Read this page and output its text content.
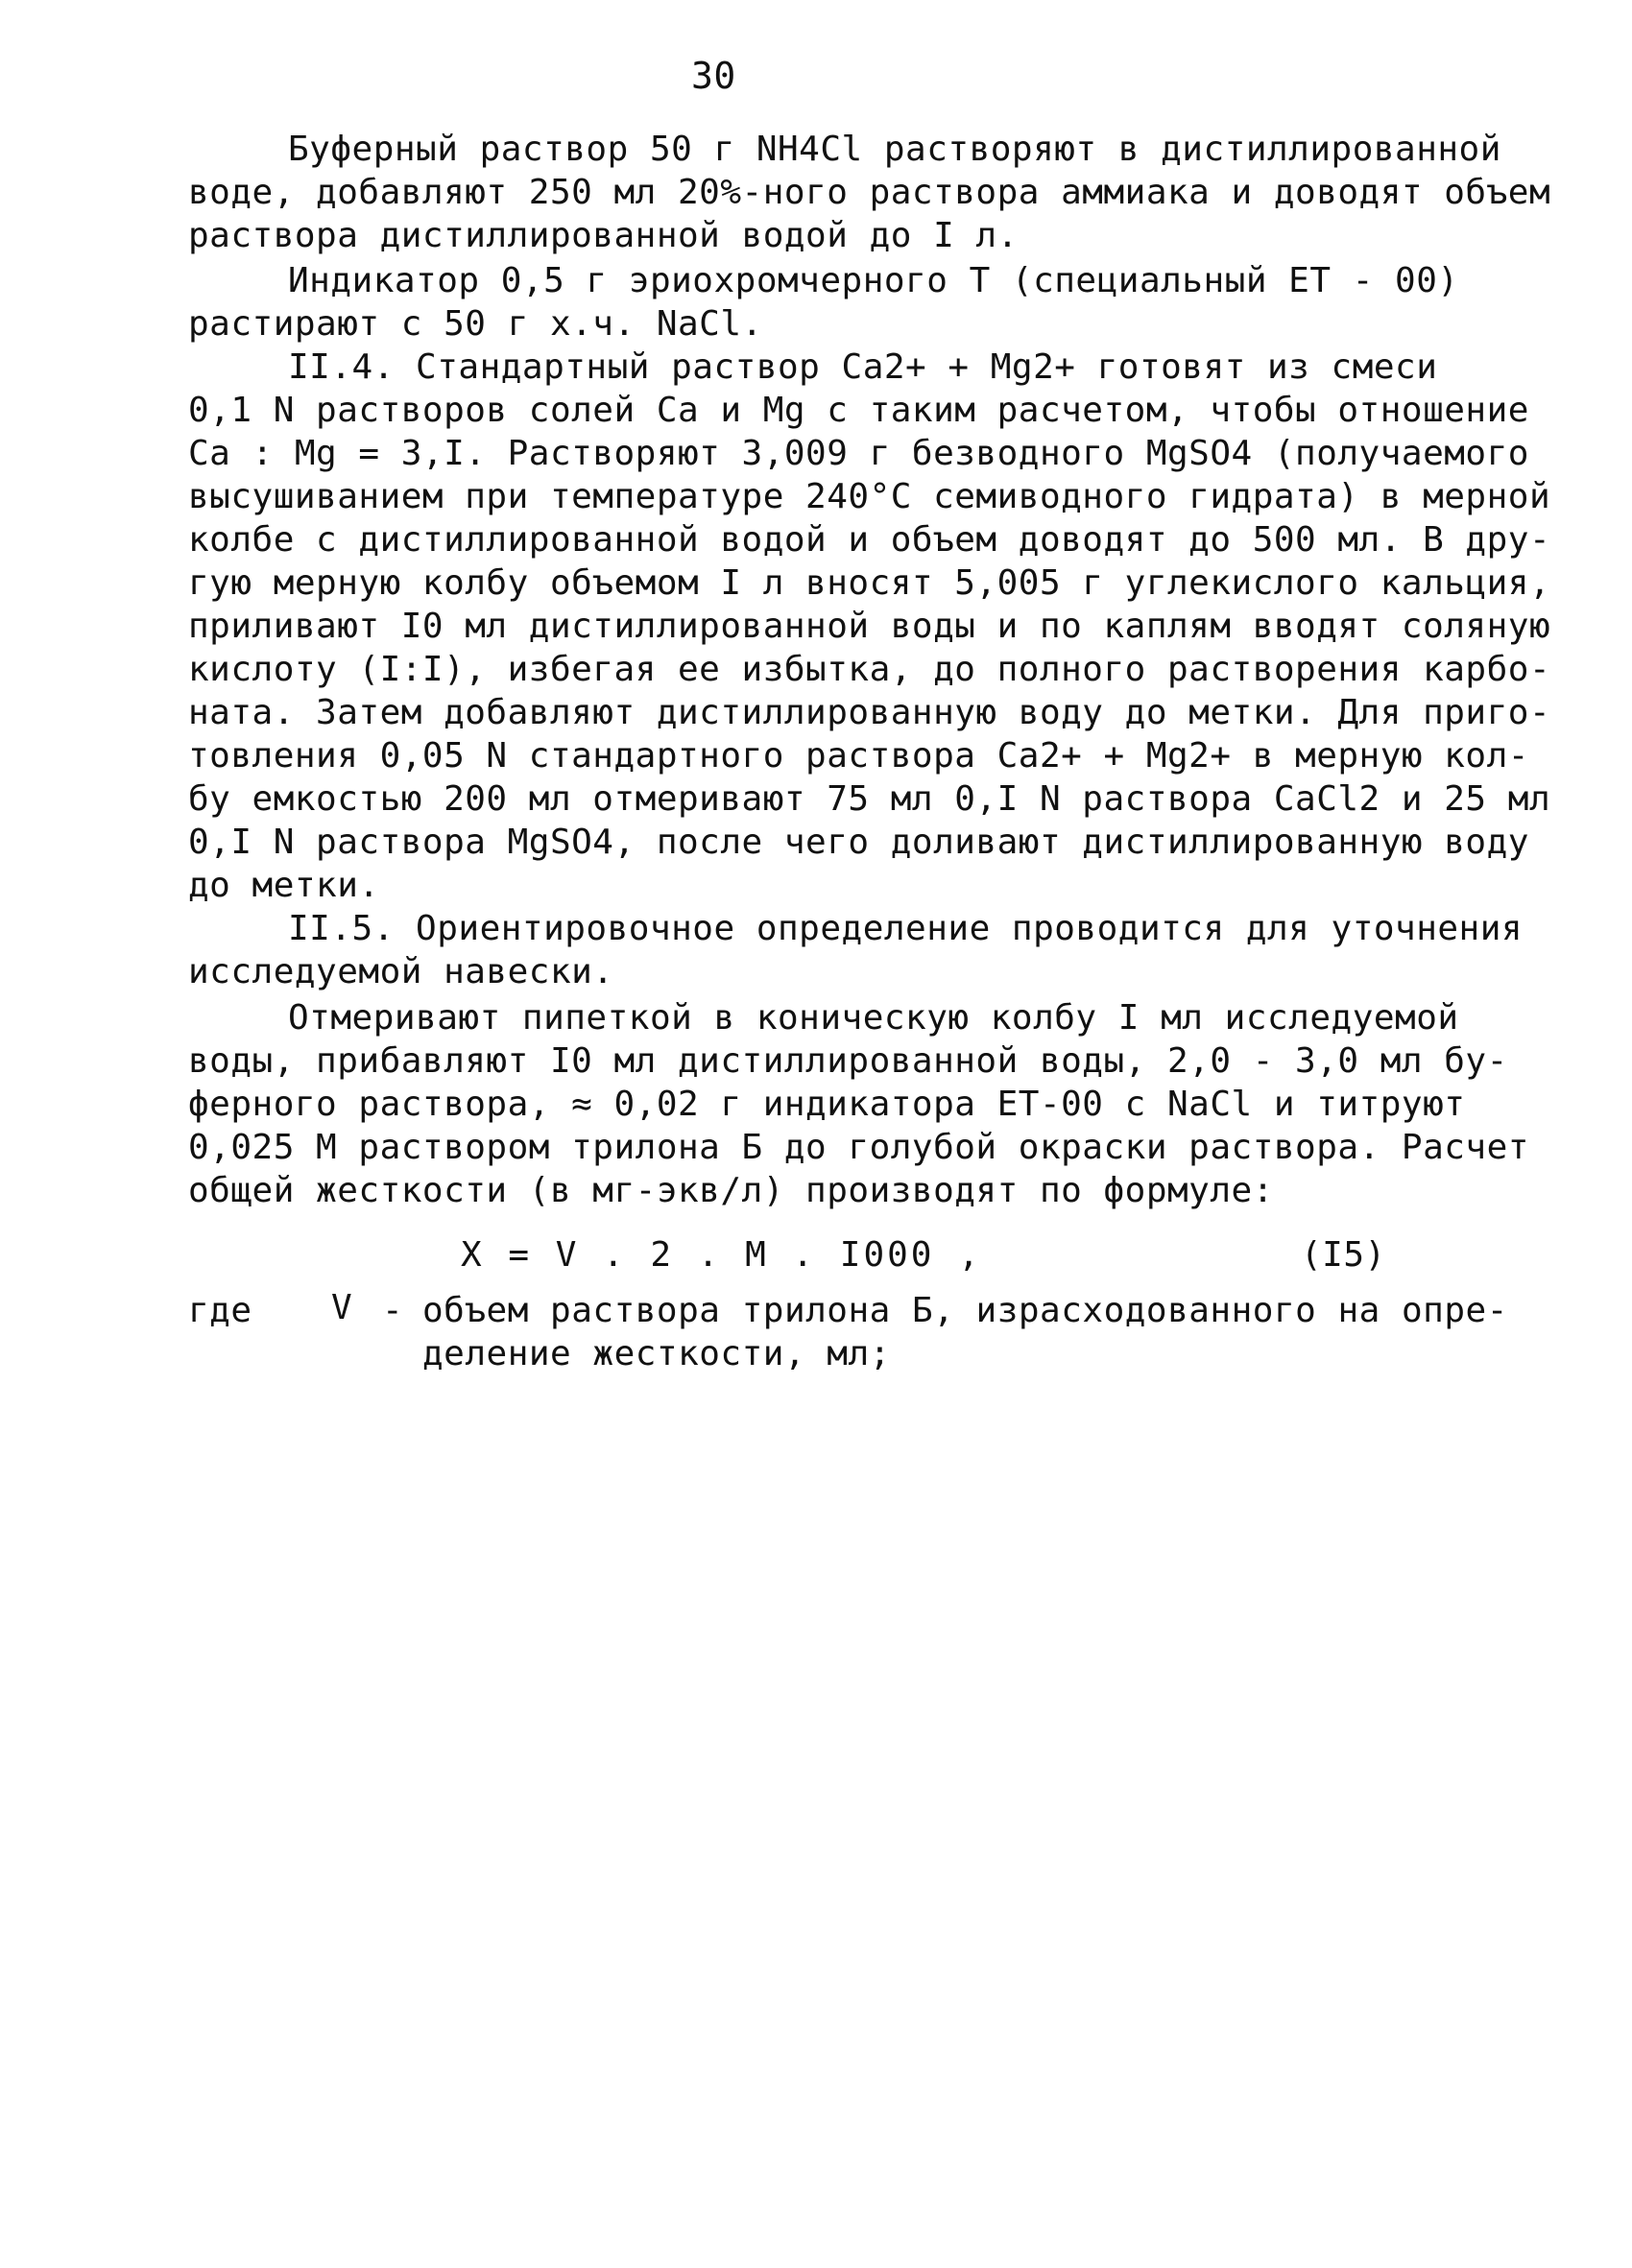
30
Буферный раствор 50 г NH4Cl растворяют в дистиллированной
воде, добавляют 250 мл 20%-ного раствора аммиака и доводят объем
раствора дистиллированной водой до I л.
Индикатор 0,5 г эриохромчерного Т (специальный ЕТ - 00)
растирают с 50 г х.ч. NaCl.
II.4. Стандартный раствор Ca2+ + Mg2+ готовят из смеси
0,1 N растворов солей Са и Мg с таким расчетом, чтобы отношение
Са : Мg = 3,I. Растворяют 3,009 г безводного MgSO4 (получаемого
высушиванием при температуре 240°С семиводного гидрата) в мерной
колбе с дистиллированной водой и объем доводят до 500 мл. В дру-
гую мерную колбу объемом I л вносят 5,005 г углекислого кальция,
приливают I0 мл дистиллированной воды и по каплям вводят соляную
кислоту (I:I), избегая ее избытка, до полного растворения карбо-
ната. Затем добавляют дистиллированную воду до метки. Для приго-
товления 0,05 N стандартного раствора Ca2+ + Mg2+ в мерную кол-
бу емкостью 200 мл отмеривают 75 мл 0,I N раствора CaCl2 и 25 мл
0,I N раствора MgSO4, после чего доливают дистиллированную воду
до метки.
II.5. Ориентировочное определение проводится для уточнения
исследуемой навески.
Отмеривают пипеткой в коническую колбу I мл исследуемой
воды, прибавляют I0 мл дистиллированной воды, 2,0 - 3,0 мл бу-
ферного раствора, ≈ 0,02 г индикатора ЕТ-00 с NaCl и титруют
0,025 М раствором трилона Б до голубой окраски раствора. Расчет
общей жесткости (в мг-экв/л) производят по формуле:
X = V . 2 . M . I000 ,	(I5)
где V - объем раствора трилона Б, израсходованного на опре-
деление жесткости, мл;
